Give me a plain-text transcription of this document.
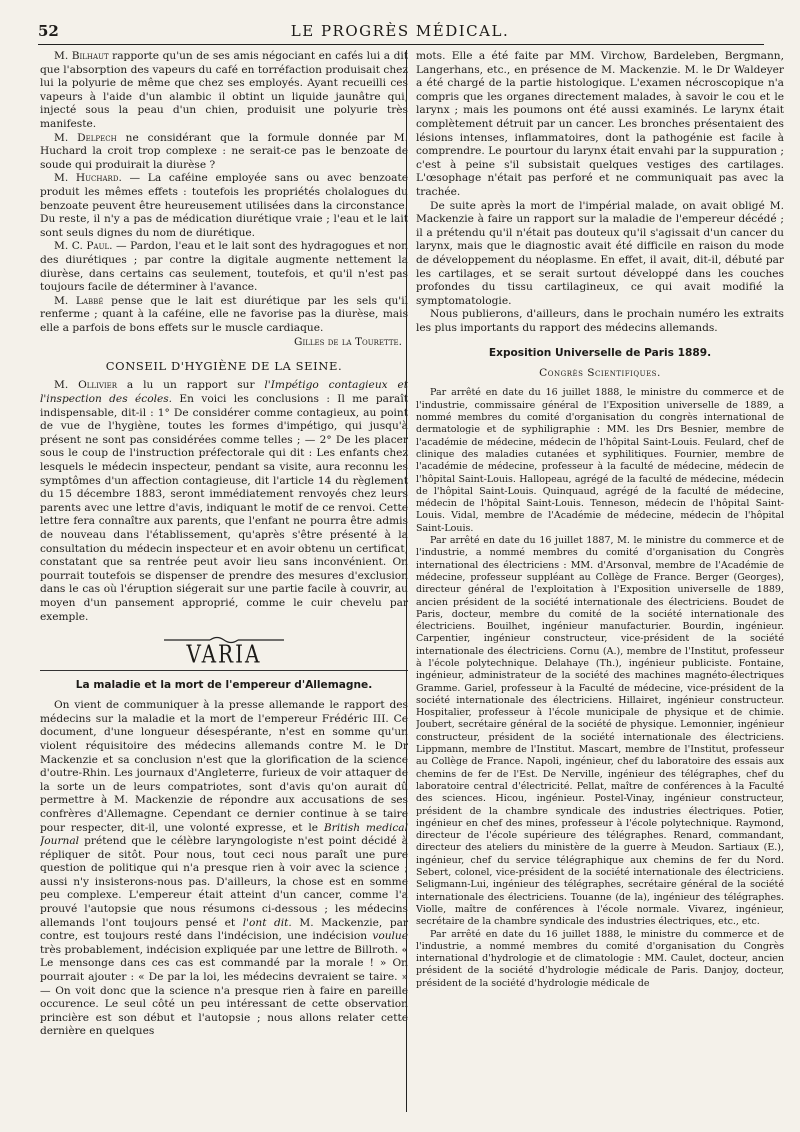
52	LE PROGRÈS MÉDICAL.

M. Bilhaut rapporte qu'un de ses amis négociant en cafés lui a dit que l'absorption des vapeurs du café en torréfaction produisait chez lui la polyurie de même que chez ses employés. Ayant recueilli ces vapeurs à l'aide d'un alambic il obtint un liquide jaunâtre qui, injecté sous la peau d'un chien, produisit une polyurie très manifeste.

M. Delpech ne considérant que la formule donnée par M. Huchard la croit trop complexe : ne serait-ce pas le benzoate de soude qui produirait la diurèse ?

M. Huchard. — La caféine employée sans ou avec benzoate produit les mêmes effets : toutefois les propriétés cholalogues du benzoate peuvent être heureusement utilisées dans la circonstance. Du reste, il n'y a pas de médication diurétique vraie ; l'eau et le lait sont seuls dignes du nom de diurétique.

M. C. Paul. — Pardon, l'eau et le lait sont des hydragogues et non des diurétiques ; par contre la digitale augmente nettement la diurèse, dans certains cas seulement, toutefois, et qu'il n'est pas toujours facile de déterminer à l'avance.

M. Labbé pense que le lait est diurétique par les sels qu'il renferme ; quant à la caféine, elle ne favorise pas la diurèse, mais elle a parfois de bons effets sur le muscle cardiaque.

Gilles de la Tourette.
CONSEIL D'HYGIÈNE DE LA SEINE.

M. Ollivier a lu un rapport sur l'Impétigo contagieux et l'inspection des écoles. En voici les conclusions : Il me paraît indispensable, dit-il : 1° De considérer comme contagieux, au point de vue de l'hygiène, toutes les formes d'impétigo, qui jusqu'à présent ne sont pas considérées comme telles ; — 2° De les placer sous le coup de l'instruction préfectorale qui dit : Les enfants chez lesquels le médecin inspecteur, pendant sa visite, aura reconnu les symptômes d'un affection contagieuse, dit l'article 14 du règlement du 15 décembre 1883, seront immédiatement renvoyés chez leurs parents avec une lettre d'avis, indiquant le motif de ce renvoi. Cette lettre fera connaître aux parents, que l'enfant ne pourra être admis de nouveau dans l'établissement, qu'après s'être présenté à la consultation du médecin inspecteur et en avoir obtenu un certificat, constatant que sa rentrée peut avoir lieu sans inconvénient. On pourrait toutefois se dispenser de prendre des mesures d'exclusion dans le cas où l'éruption siégerait sur une partie facile à couvrir, au moyen d'un pansement approprié, comme le cuir chevelu par exemple.

VARIA
La maladie et la mort de l'empereur d'Allemagne.

On vient de communiquer à la presse allemande le rapport des médecins sur la maladie et la mort de l'empereur Frédéric III. Ce document, d'une longueur désespérante, n'est en somme qu'un violent réquisitoire des médecins allemands contre M. le Dr Mackenzie et sa conclusion n'est que la glorification de la science d'outre-Rhin. Les journaux d'Angleterre, furieux de voir attaquer de la sorte un de leurs compatriotes, sont d'avis qu'on aurait dû permettre à M. Mackenzie de répondre aux accusations de ses confrères d'Allemagne. Cependant ce dernier continue à se taire pour respecter, dit-il, une volonté expresse, et le British medical Journal prétend que le célèbre laryngologiste n'est point décidé à répliquer de sitôt. Pour nous, tout ceci nous paraît une pure question de politique qui n'a presque rien à voir avec la science ; aussi n'y insisterons-nous pas. D'ailleurs, la chose est en somme peu complexe. L'empereur était atteint d'un cancer, comme l'a prouvé l'autopsie que nous résumons ci-dessous ; les médecins allemands l'ont toujours pensé et l'ont dit. M. Mackenzie, par contre, est toujours resté dans l'indécision, une indécision voulue très probablement, indécision expliquée par une lettre de Billroth. « Le mensonge dans ces cas est commandé par la morale ! » On pourrait ajouter : « De par la loi, les médecins devraient se taire. » — On voit donc que la science n'a presque rien à faire en pareille occurence. Le seul côté un peu intéressant de cette observation princière est son début et l'autopsie ; nous allons relater cette dernière en quelques

mots. Elle a été faite par MM. Virchow, Bardeleben, Bergmann, Langerhans, etc., en présence de M. Mackenzie. M. le Dr Waldeyer a été chargé de la partie histologique. L'examen nécroscopique n'a compris que les organes directement malades, à savoir le cou et le larynx ; mais les poumons ont été aussi examinés. Le larynx était complètement détruit par un cancer. Les bronches présentaient des lésions intenses, inflammatoires, dont la pathogénie est facile à comprendre. Le pourtour du larynx était envahi par la suppuration ; c'est à peine s'il subsistait quelques vestiges des cartilages. L'œsophage n'était pas perforé et ne communiquait pas avec la trachée.

De suite après la mort de l'impérial malade, on avait obligé M. Mackenzie à faire un rapport sur la maladie de l'empereur décédé ; il a prétendu qu'il n'était pas douteux qu'il s'agissait d'un cancer du larynx, mais que le diagnostic avait été difficile en raison du mode de développement du néoplasme. En effet, il avait, dit-il, débuté par les cartilages, et se serait surtout développé dans les couches profondes du tissu cartilagineux, ce qui avait modifié la symptomatologie.

Nous publierons, d'ailleurs, dans le prochain numéro les extraits les plus importants du rapport des médecins allemands.

Exposition Universelle de Paris 1889.
Congrès Scientifiques.

Par arrêté en date du 16 juillet 1888, le ministre du commerce et de l'industrie, commissaire général de l'Exposition universelle de 1889, a nommé membres du comité d'organisation du congrès international de dermatologie et de syphiligraphie : MM. les Drs Besnier, membre de l'académie de médecine, médecin de l'hôpital Saint-Louis. Feulard, chef de clinique des maladies cutanées et syphilitiques. Fournier, membre de l'académie de médecine, professeur à la faculté de médecine, médecin de l'hôpital Saint-Louis. Hallopeau, agrégé de la faculté de médecine, médecin de l'hôpital Saint-Louis. Quinquaud, agrégé de la faculté de médecine, médecin de l'hôpital Saint-Louis. Tenneson, médecin de l'hôpital Saint-Louis. Vidal, membre de l'Académie de médecine, médecin de l'hôpital Saint-Louis.

Par arrêté en date du 16 juillet 1887, M. le ministre du commerce et de l'industrie, a nommé membres du comité d'organisation du Congrès international des électriciens : MM. d'Arsonval, membre de l'Académie de médecine, professeur suppléant au Collège de France. Berger (Georges), directeur général de l'exploitation à l'Exposition universelle de 1889, ancien président de la société internationale des électriciens. Boudet de Paris, docteur, membre du comité de la société internationale des électriciens. Bouilhet, ingénieur manufacturier. Bourdin, ingénieur. Carpentier, ingénieur constructeur, vice-président de la société internationale des électriciens. Cornu (A.), membre de l'Institut, professeur à l'école polytechnique. Delahaye (Th.), ingénieur publiciste. Fontaine, ingénieur, administrateur de la société des machines magnéto-électriques Gramme. Gariel, professeur à la Faculté de médecine, vice-président de la société internationale des électriciens. Hillairet, ingénieur constructeur. Hospitalier, professeur à l'école municipale de physique et de chimie. Joubert, secrétaire général de la société de physique. Lemonnier, ingénieur constructeur, président de la société internationale des électriciens. Lippmann, membre de l'Institut. Mascart, membre de l'Institut, professeur au Collège de France. Napoli, ingénieur, chef du laboratoire des essais aux chemins de fer de l'Est. De Nerville, ingénieur des télégraphes, chef du laboratoire central d'électricité. Pellat, maître de conférences à la Faculté des sciences. Hicou, ingénieur. Postel-Vinay, ingénieur constructeur, président de la chambre syndicale des industries électriques. Potier, ingénieur en chef des mines, professeur à l'école polytechnique. Raymond, directeur de l'école supérieure des télégraphes. Renard, commandant, directeur des ateliers du ministère de la guerre à Meudon. Sartiaux (E.), ingénieur, chef du service télégraphique aux chemins de fer du Nord. Sebert, colonel, vice-président de la société internationale des électriciens. Seligmann-Lui, ingénieur des télégraphes, secrétaire général de la société internationale des électriciens. Touanne (de la), ingénieur des télégraphes. Violle, maître de conférences à l'école normale. Vivarez, ingénieur, secrétaire de la chambre syndicale des industries électriques, etc., etc.

Par arrêté en date du 16 juillet 1888, le ministre du commerce et de l'industrie, a nommé membres du comité d'organisation du Congrès international d'hydrologie et de climatologie : MM. Caulet, docteur, ancien président de la société d'hydrologie médicale de Paris. Danjoy, docteur, président de la société d'hydrologie médicale de
